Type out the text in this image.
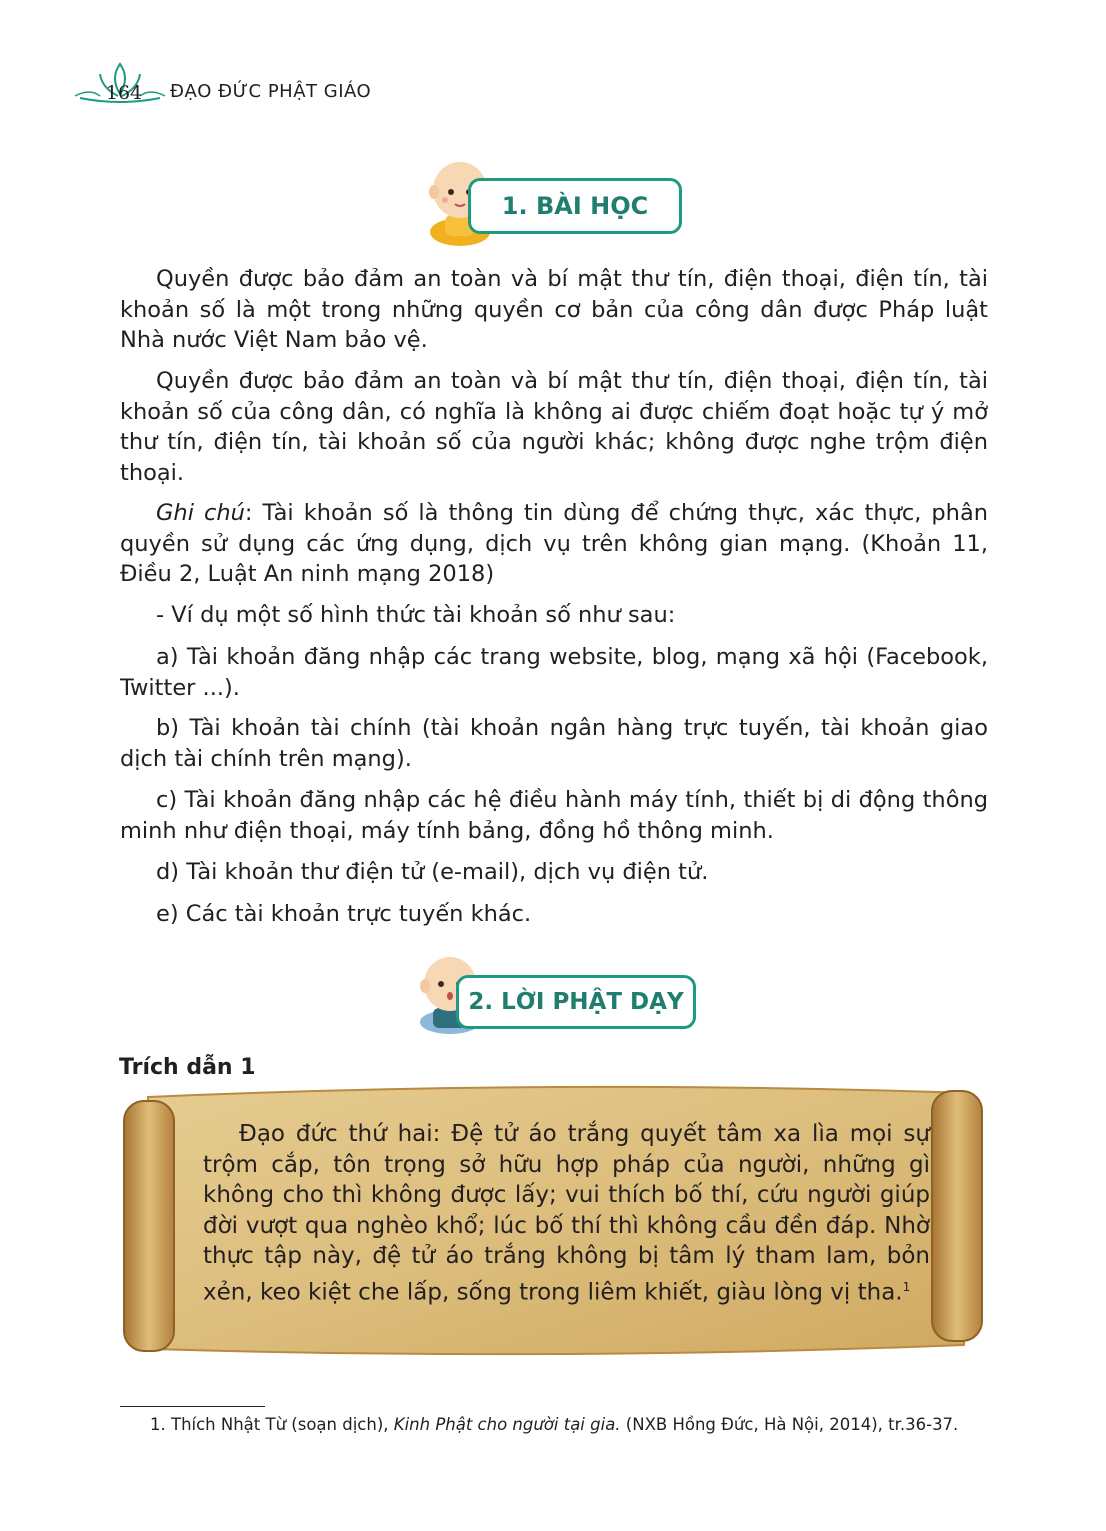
164	ĐẠO ĐỨC PHẬT GIÁO
1. BÀI HỌC

Quyền được bảo đảm an toàn và bí mật thư tín, điện thoại, điện tín, tài khoản số là một trong những quyền cơ bản của công dân được Pháp luật Nhà nước Việt Nam bảo vệ.

Quyền được bảo đảm an toàn và bí mật thư tín, điện thoại, điện tín, tài khoản số của công dân, có nghĩa là không ai được chiếm đoạt hoặc tự ý mở thư tín, điện tín, tài khoản số của người khác; không được nghe trộm điện thoại.

Ghi chú: Tài khoản số là thông tin dùng để chứng thực, xác thực, phân quyền sử dụng các ứng dụng, dịch vụ trên không gian mạng. (Khoản 11, Điều 2, Luật An ninh mạng 2018)

- Ví dụ một số hình thức tài khoản số như sau:

a) Tài khoản đăng nhập các trang website, blog, mạng xã hội (Facebook, Twitter ...).

b) Tài khoản tài chính (tài khoản ngân hàng trực tuyến, tài khoản giao dịch tài chính trên mạng).

c) Tài khoản đăng nhập các hệ điều hành máy tính, thiết bị di động thông minh như điện thoại, máy tính bảng, đồng hồ thông minh.

d) Tài khoản thư điện tử (e-mail), dịch vụ điện tử.

e) Các tài khoản trực tuyến khác.

2. LỜI PHẬT DẠY
Trích dẫn 1

Đạo đức thứ hai: Đệ tử áo trắng quyết tâm xa lìa mọi sự trộm cắp, tôn trọng sở hữu hợp pháp của người, những gì không cho thì không được lấy; vui thích bố thí, cứu người giúp đời vượt qua nghèo khổ; lúc bố thí thì không cầu đền đáp. Nhờ thực tập này, đệ tử áo trắng không bị tâm lý tham lam, bỏn xẻn, keo kiệt che lấp, sống trong liêm khiết, giàu lòng vị tha.$^1$

1. Thích Nhật Từ (soạn dịch), Kinh Phật cho người tại gia. (NXB Hồng Đức, Hà Nội, 2014), tr.36-37.
